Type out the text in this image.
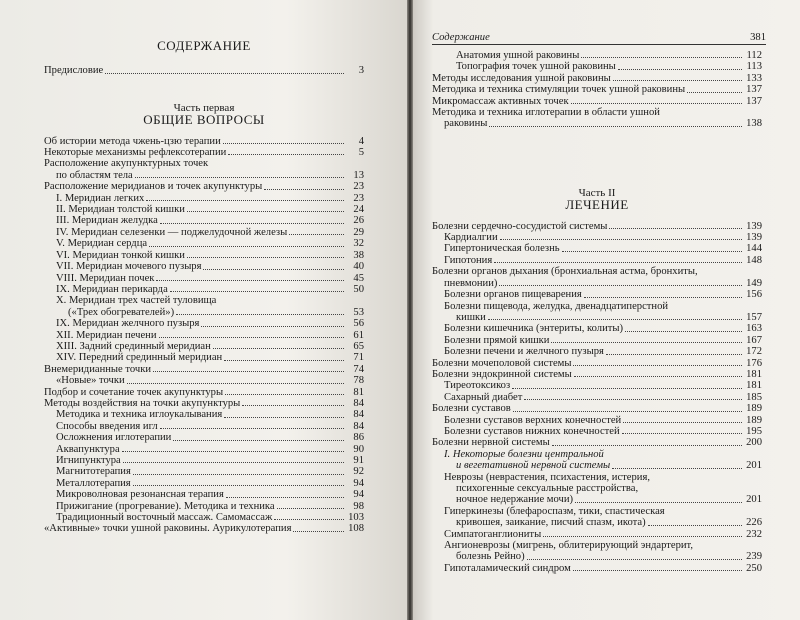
СОДЕРЖАНИЕ
Предисловие	3
Часть первая
ОБЩИЕ ВОПРОСЫ
Об истории метода чжень-цзю терапии	4
Некоторые механизмы рефлексотерапии	5
Расположение акупунктурных точек
по областям тела	13
Расположение меридианов и точек акупунктуры	23
I. Меридиан легких	23
II. Меридиан толстой кишки	24
III. Меридиан желудка	26
IV. Меридиан селезенки — поджелудочной железы	29
V. Меридиан сердца	32
VI. Меридиан тонкой кишки	38
VII. Меридиан мочевого пузыря	40
VIII. Меридиан почек	45
IX. Меридиан перикарда	50
X. Меридиан трех частей туловища
(«Трех обогревателей»)	53
IX. Меридиан желчного пузыря	56
XII. Меридиан печени	61
XIII. Задний срединный меридиан	65
XIV. Передний срединный меридиан	71
Внемеридианные точки	74
«Новые» точки	78
Подбор и сочетание точек акупунктуры	81
Методы воздействия на точки акупунктуры	84
Методика и техника иглоукалывания	84
Способы введения игл	84
Осложнения иглотерапии	86
Аквапунктура	90
Игнипунктура	91
Магнитотерапия	92
Металлотерапия	94
Микроволновая резонансная терапия	94
Прижигание (прогревание). Методика и техника	98
Традиционный восточный массаж. Самомассаж	103
«Активные» точки ушной раковины. Аурикулотерапия	108
Содержание	381
Анатомия ушной раковины	112
Топография точек ушной раковины	113
Методы исследования ушной раковины	133
Методика и техника стимуляции точек ушной раковины	137
Микромассаж активных точек	137
Методика и техника иглотерапии в области ушной
раковины	138
Часть II
ЛЕЧЕНИЕ
Болезни сердечно-сосудистой системы	139
Кардиалгии	139
Гипертоническая болезнь	144
Гипотония	148
Болезни органов дыхания (бронхиальная астма, бронхиты,
пневмонии)	149
Болезни органов пищеварения	156
Болезни пищевода, желудка, двенадцатиперстной
кишки	157
Болезни кишечника (энтериты, колиты)	163
Болезни прямой кишки	167
Болезни печени и желчного пузыря	172
Болезни мочеполовой системы	176
Болезни эндокринной системы	181
Тиреотоксикоз	181
Сахарный диабет	185
Болезни суставов	189
Болезни суставов верхних конечностей	189
Болезни суставов нижних конечностей	195
Болезни нервной системы	200
I. Некоторые болезни центральной
и вегетативной нервной системы	201
Неврозы (неврастения, психастения, истерия,
психогенные сексуальные расстройства,
ночное недержание мочи)	201
Гиперкинезы (блефароспазм, тики, спастическая
кривошея, заикание, писчий спазм, икота)	226
Симпатоганглиониты	232
Ангионеврозы (мигрень, облитерирующий эндартерит,
болезнь Рейно)	239
Гипоталамический синдром	250
